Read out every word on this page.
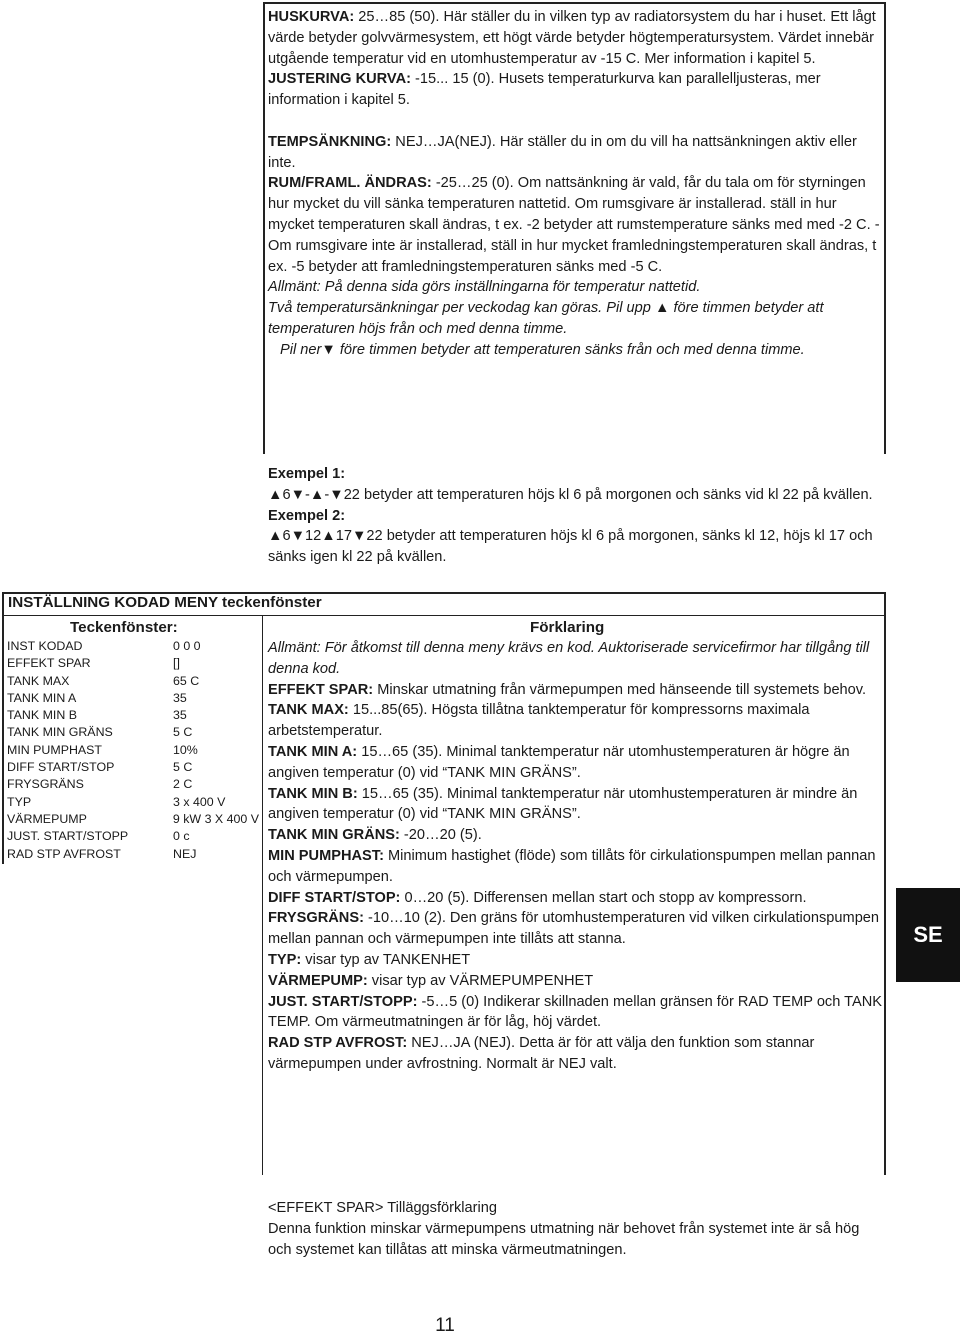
HUSKURVA: 25…85 (50). Här ställer du in vilken typ av radiatorsystem du har i huset. Ett lågt värde betyder golvvärmesystem, ett högt värde betyder högtemperatursystem. Värdet innebär utgående temperatur vid en utomhustemperatur av -15 C. Mer information i kapitel 5.

JUSTERING KURVA: -15... 15 (0). Husets temperaturkurva kan parallelljusteras, mer information i kapitel 5.

TEMPSÄNKNING: NEJ…JA(NEJ). Här ställer du in om du vill ha nattsänkningen aktiv eller inte.

RUM/FRAML. ÄNDRAS: -25…25 (0). Om nattsänkning är vald, får du tala om för styrningen hur mycket du vill sänka temperaturen nattetid. Om rumsgivare är installerad. ställ in hur mycket temperaturen skall ändras, t ex. -2 betyder att rumstemperature sänks med med -2 C. - Om rumsgivare inte är installerad, ställ in hur mycket framledningstemperaturen skall ändras, t ex. -5 betyder att framledningstemperaturen sänks med -5 C.

Allmänt: På denna sida görs inställningarna för temperatur nattetid.

Två temperatursänkningar per veckodag kan göras. Pil upp ▲ före timmen betyder att temperaturen höjs från och med denna timme.

Pil ner▼ före timmen betyder att temperaturen sänks från och med denna timme.

Exempel 1:

▲6▼-▲-▼22 betyder att temperaturen höjs kl 6 på morgonen och sänks vid kl 22 på kvällen.

Exempel 2:

▲6▼12▲17▼22 betyder att temperaturen höjs kl 6 på morgonen, sänks kl 12, höjs kl 17 och sänks igen kl 22 på kvällen.

INSTÄLLNING KODAD MENY teckenfönster
Teckenfönster:	Förklaring
INST KODAD	0 0 0
EFFEKT SPAR	[]
TANK MAX	65 C
TANK MIN A	35
TANK MIN B	35
TANK MIN GRÄNS	5 C
MIN PUMPHAST	10%
DIFF START/STOP	5 C
FRYSGRÄNS	2 C
TYP	3 x 400 V
VÄRMEPUMP	9 kW 3 X 400 V
JUST. START/STOPP	0 c
RAD STP AVFROST	NEJ

Allmänt: För åtkomst till denna meny krävs en kod. Auktoriserade servicefirmor har tillgång till denna kod.

EFFEKT SPAR: Minskar utmatning från värmepumpen med hänseende till systemets behov.

TANK MAX: 15...85(65). Högsta tillåtna tanktemperatur för kompressorns maximala arbetstemperatur.

TANK MIN A: 15…65 (35). Minimal tanktemperatur när utomhustemperaturen är högre än angiven temperatur (0) vid “TANK MIN GRÄNS”.

TANK MIN B: 15…65 (35). Minimal tanktemperatur när utomhustemperaturen är mindre än angiven temperatur (0) vid “TANK MIN GRÄNS”.

TANK MIN GRÄNS: -20…20 (5).

MIN PUMPHAST: Minimum hastighet (flöde) som tillåts för cirkulationspumpen mellan pannan och värmepumpen.

DIFF START/STOP: 0…20 (5). Differensen mellan start och stopp av kompressorn.

FRYSGRÄNS: -10…10 (2). Den gräns för utomhustemperaturen vid vilken cirkulationspumpen mellan pannan och värmepumpen inte tillåts att stanna.

TYP: visar typ av TANKENHET

VÄRMEPUMP: visar typ av VÄRMEPUMPENHET

JUST. START/STOPP: -5…5 (0) Indikerar skillnaden mellan gränsen för RAD TEMP och TANK TEMP. Om värmeutmatningen är för låg, höj värdet.

RAD STP AVFROST: NEJ…JA (NEJ). Detta är för att välja den funktion som stannar värmepumpen under avfrostning. Normalt är NEJ valt.

<EFFEKT SPAR> Tilläggsförklaring

Denna funktion minskar värmepumpens utmatning när behovet från systemet inte är så hög och systemet kan tillåtas att minska värmeutmatningen.

SE
11
